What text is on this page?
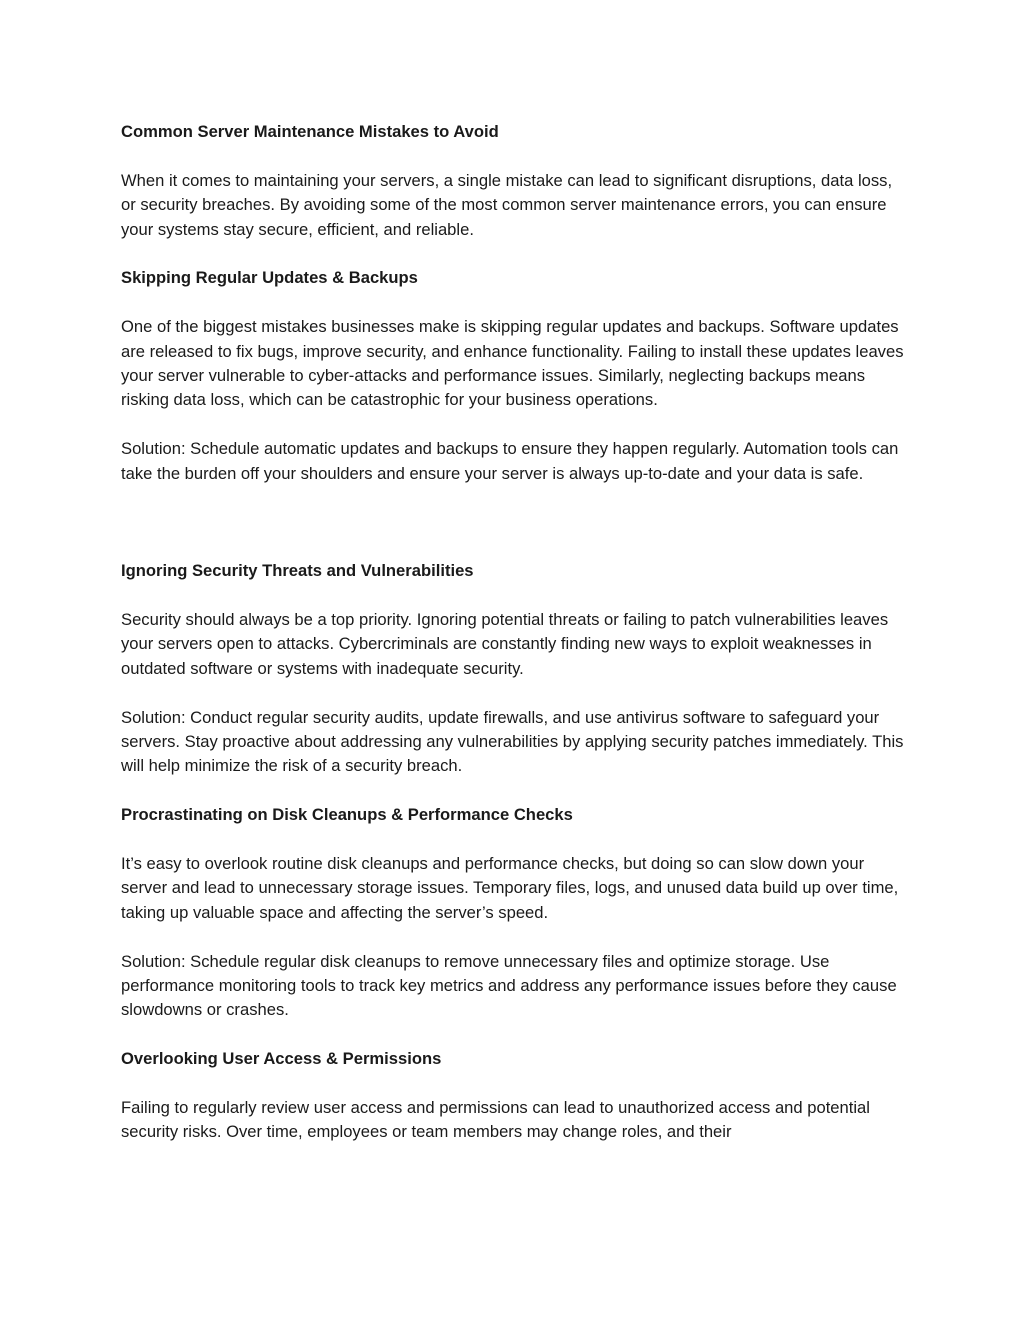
Common Server Maintenance Mistakes to Avoid

When it comes to maintaining your servers, a single mistake can lead to significant disruptions, data loss, or security breaches. By avoiding some of the most common server maintenance errors, you can ensure your systems stay secure, efficient, and reliable.

Skipping Regular Updates & Backups

One of the biggest mistakes businesses make is skipping regular updates and backups. Software updates are released to fix bugs, improve security, and enhance functionality. Failing to install these updates leaves your server vulnerable to cyber-attacks and performance issues. Similarly, neglecting backups means risking data loss, which can be catastrophic for your business operations.

Solution: Schedule automatic updates and backups to ensure they happen regularly. Automation tools can take the burden off your shoulders and ensure your server is always up-to-date and your data is safe.

Ignoring Security Threats and Vulnerabilities

Security should always be a top priority. Ignoring potential threats or failing to patch vulnerabilities leaves your servers open to attacks. Cybercriminals are constantly finding new ways to exploit weaknesses in outdated software or systems with inadequate security.

Solution: Conduct regular security audits, update firewalls, and use antivirus software to safeguard your servers. Stay proactive about addressing any vulnerabilities by applying security patches immediately. This will help minimize the risk of a security breach.

Procrastinating on Disk Cleanups & Performance Checks

It’s easy to overlook routine disk cleanups and performance checks, but doing so can slow down your server and lead to unnecessary storage issues. Temporary files, logs, and unused data build up over time, taking up valuable space and affecting the server’s speed.

Solution: Schedule regular disk cleanups to remove unnecessary files and optimize storage. Use performance monitoring tools to track key metrics and address any performance issues before they cause slowdowns or crashes.

Overlooking User Access & Permissions

Failing to regularly review user access and permissions can lead to unauthorized access and potential security risks. Over time, employees or team members may change roles, and their
